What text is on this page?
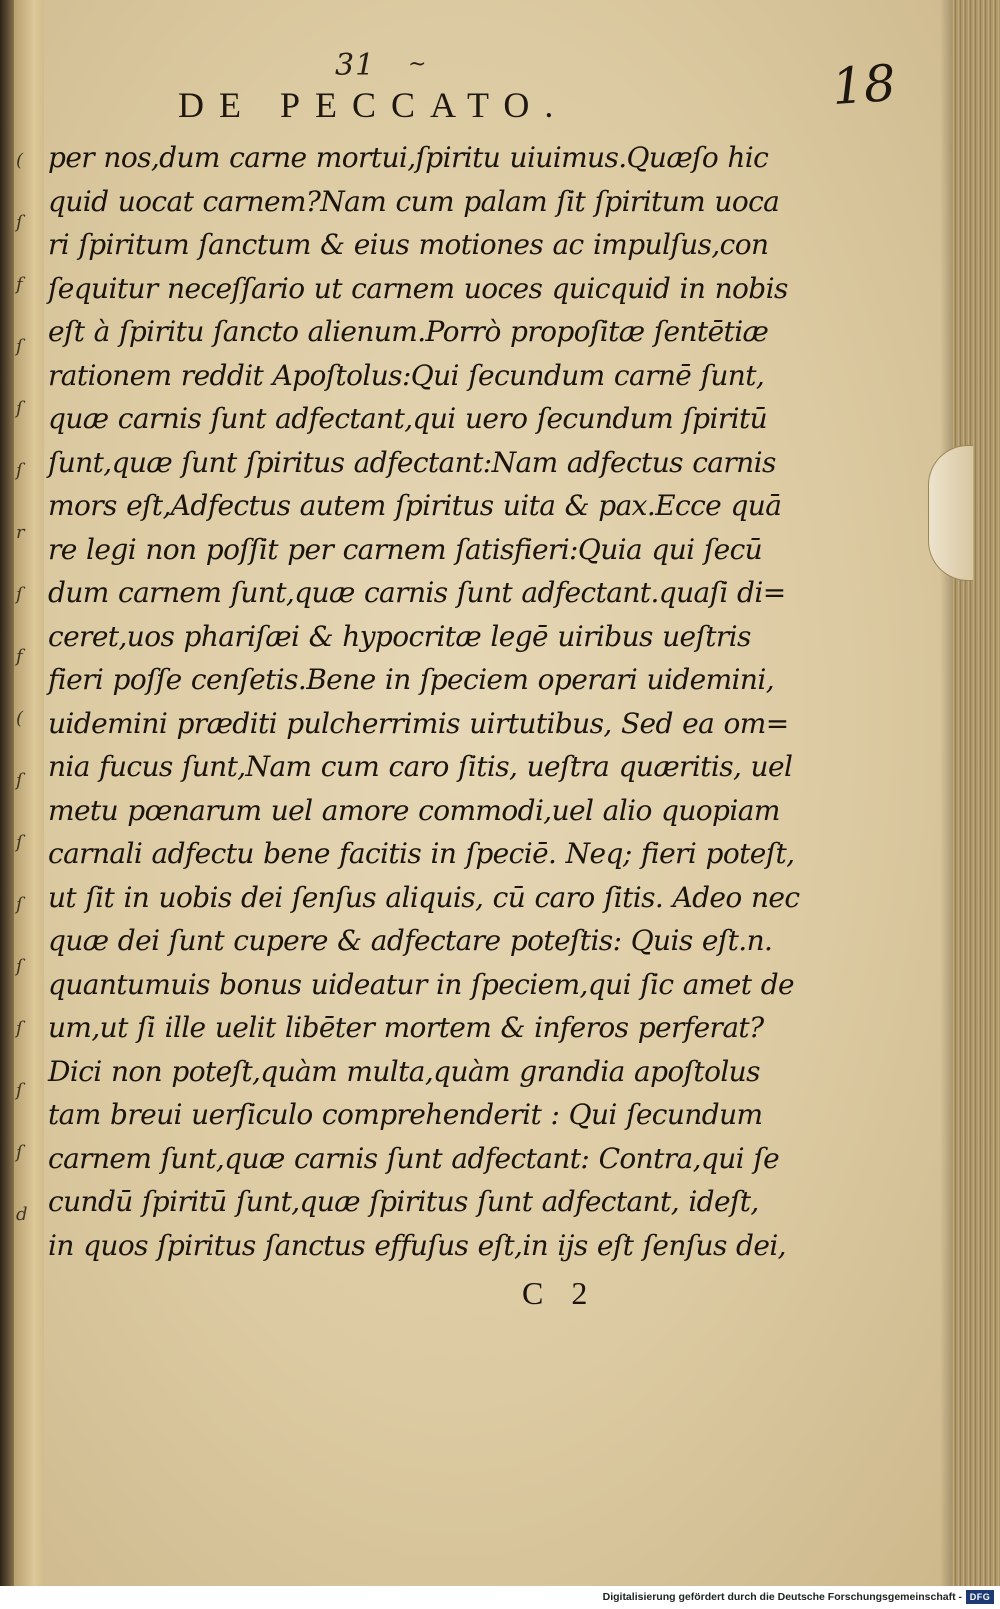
(
ſ
f
ſ
ſ
ſ
r
ſ
f
(
ſ
ſ
ſ
ſ
ſ
ſ
ſ
d
31 ~	18
DE PECCATO.
per nos,dum carne mortui,ſpiritu uiuimus.Quæſo hic
quid uocat carnem?Nam cum palam ſit ſpiritum uoca
ri ſpiritum ſanctum & eius motiones ac impulſus,con
ſequitur neceſſario ut carnem uoces quicquid in nobis
eſt à ſpiritu ſancto alienum.Porrò propoſitæ ſentētiæ
rationem reddit Apoſtolus:Qui ſecundum carnē ſunt,
quæ carnis ſunt adfectant,qui uero ſecundum ſpiritū
ſunt,quæ ſunt ſpiritus adfectant:Nam adfectus carnis
mors eſt,Adfectus autem ſpiritus uita & pax.Ecce quā
re legi non poſſit per carnem ſatisfieri:Quia qui ſecū
dum carnem ſunt,quæ carnis ſunt adfectant.quaſi di=
ceret,uos phariſæi & hypocritæ legē uiribus ueſtris
fieri poſſe cenſetis.Bene in ſpeciem operari uidemini,
uidemini præditi pulcherrimis uirtutibus, Sed ea om=
nia fucus ſunt,Nam cum caro ſitis, ueſtra quæritis, uel
metu pœnarum uel amore commodi,uel alio quopiam
carnali adfectu bene facitis in ſpeciē. Neq; fieri poteſt,
ut ſit in uobis dei ſenſus aliquis, cū caro ſitis. Adeo nec
quæ dei ſunt cupere & adfectare poteſtis: Quis eſt.n.
quantumuis bonus uideatur in ſpeciem,qui ſic amet de
um,ut ſi ille uelit libēter mortem & inferos perferat?
Dici non poteſt,quàm multa,quàm grandia apoſtolus
tam breui uerſiculo comprehenderit : Qui ſecundum
carnem ſunt,quæ carnis ſunt adfectant: Contra,qui ſe
cundū ſpiritū ſunt,quæ ſpiritus ſunt adfectant, ideſt,
in quos ſpiritus ſanctus effuſus eſt,in ijs eſt ſenſus dei,
C 2
Digitalisierung gefördert durch die Deutsche Forschungsgemeinschaft - DFG
